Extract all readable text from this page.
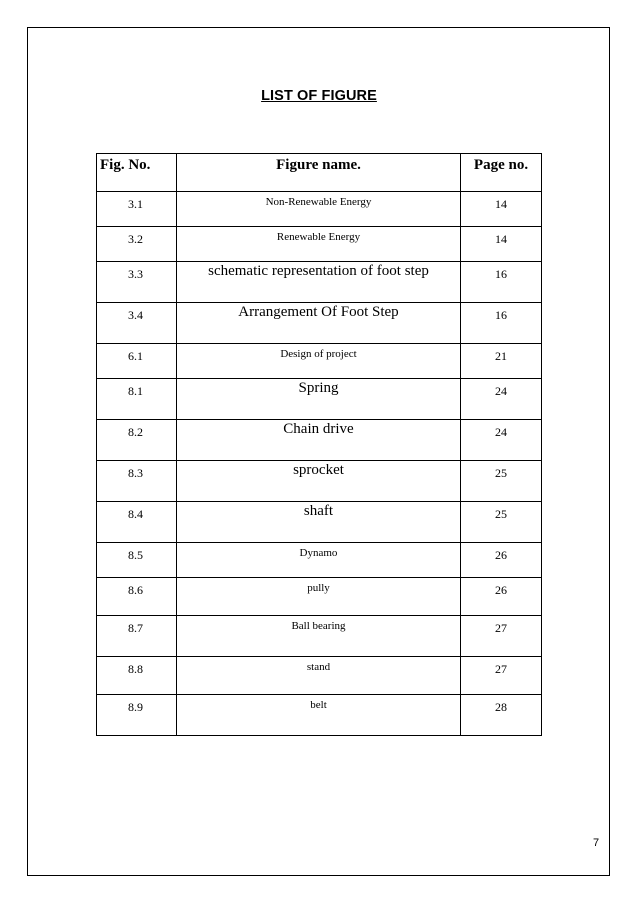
LIST OF FIGURE
Fig. No.	Figure name.	Page no.
3.1	Non-Renewable Energy	14
3.2	Renewable Energy	14
3.3	schematic representation of foot step	16
3.4	Arrangement Of Foot Step	16
6.1	Design of project	21
8.1	Spring	24
8.2	Chain drive	24
8.3	sprocket	25
8.4	shaft	25
8.5	Dynamo	26
8.6	pully	26
8.7	Ball bearing	27
8.8	stand	27
8.9	belt	28
7
